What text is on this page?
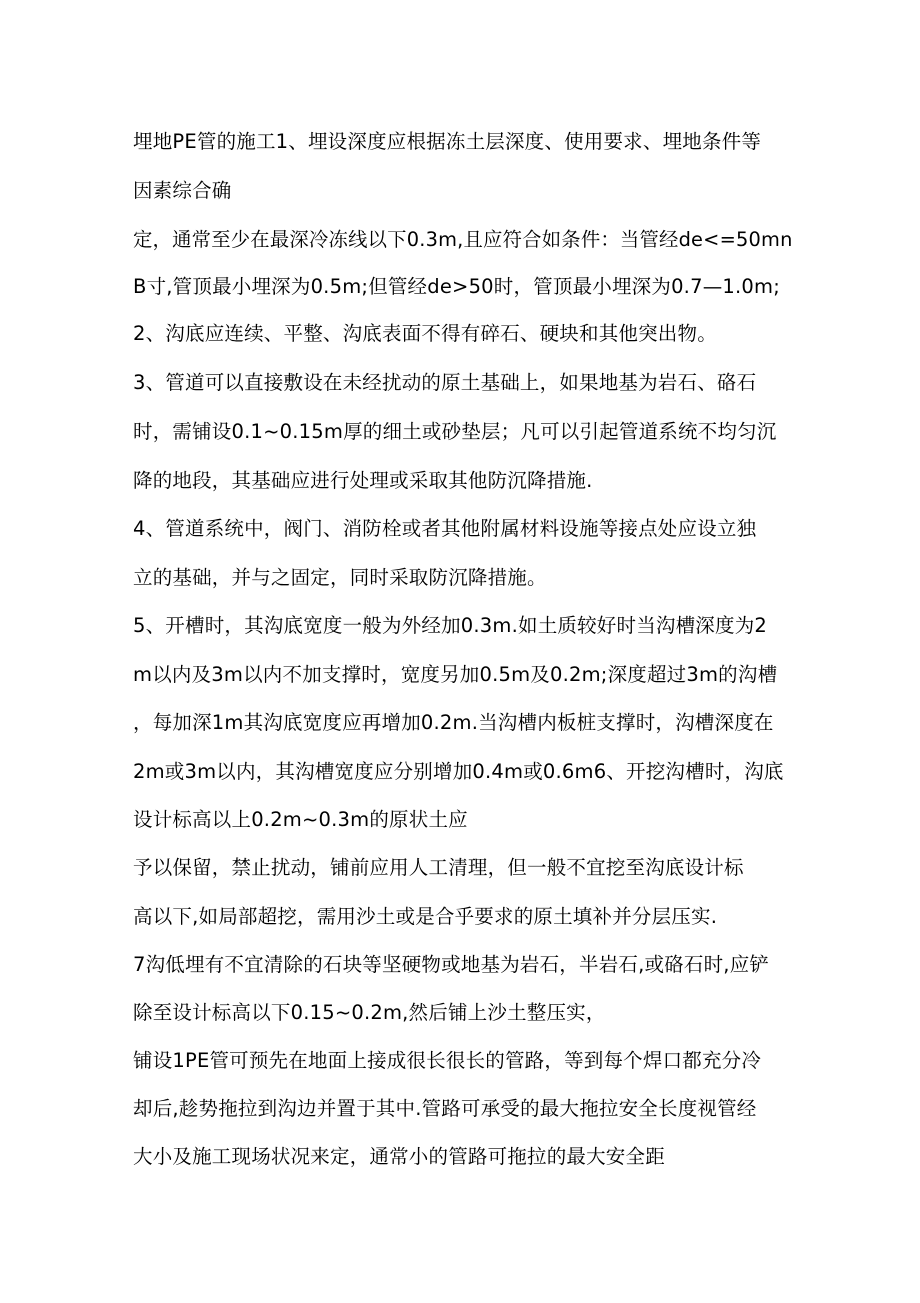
埋地PE管的施工1、埋设深度应根据冻土层深度、使用要求、埋地条件等
因素综合确
定，通常至少在最深冷冻线以下0.3m,且应符合如条件：当管经de<=50mn
B寸,管顶最小埋深为0.5m;但管经de>50时，管顶最小埋深为0.7—1.0m;
2、沟底应连续、平整、沟底表面不得有碎石、硬块和其他突出物。
3、管道可以直接敷设在未经扰动的原土基础上，如果地基为岩石、硌石
时，需铺设0.1~0.15m厚的细土或砂垫层；凡可以引起管道系统不均匀沉
降的地段，其基础应进行处理或采取其他防沉降措施.
4、管道系统中，阀门、消防栓或者其他附属材料设施等接点处应设立独
立的基础，并与之固定，同时采取防沉降措施。
5、开槽时，其沟底宽度一般为外经加0.3m.如土质较好时当沟槽深度为2
m以内及3m以内不加支撑时，宽度另加0.5m及0.2m;深度超过3m的沟槽
，每加深1m其沟底宽度应再增加0.2m.当沟槽内板桩支撑时，沟槽深度在
2m或3m以内，其沟槽宽度应分别增加0.4m或0.6m6、开挖沟槽时，沟底
设计标高以上0.2m~0.3m的原状土应
予以保留，禁止扰动，铺前应用人工清理，但一般不宜挖至沟底设计标
高以下,如局部超挖，需用沙土或是合乎要求的原土填补并分层压实.
7沟低埋有不宜清除的石块等坚硬物或地基为岩石，半岩石,或硌石时,应铲
除至设计标高以下0.15~0.2m,然后铺上沙土整压实，
铺设1PE管可预先在地面上接成很长很长的管路，等到每个焊口都充分冷
却后,趁势拖拉到沟边并置于其中.管路可承受的最大拖拉安全长度视管经
大小及施工现场状况来定，通常小的管路可拖拉的最大安全距
